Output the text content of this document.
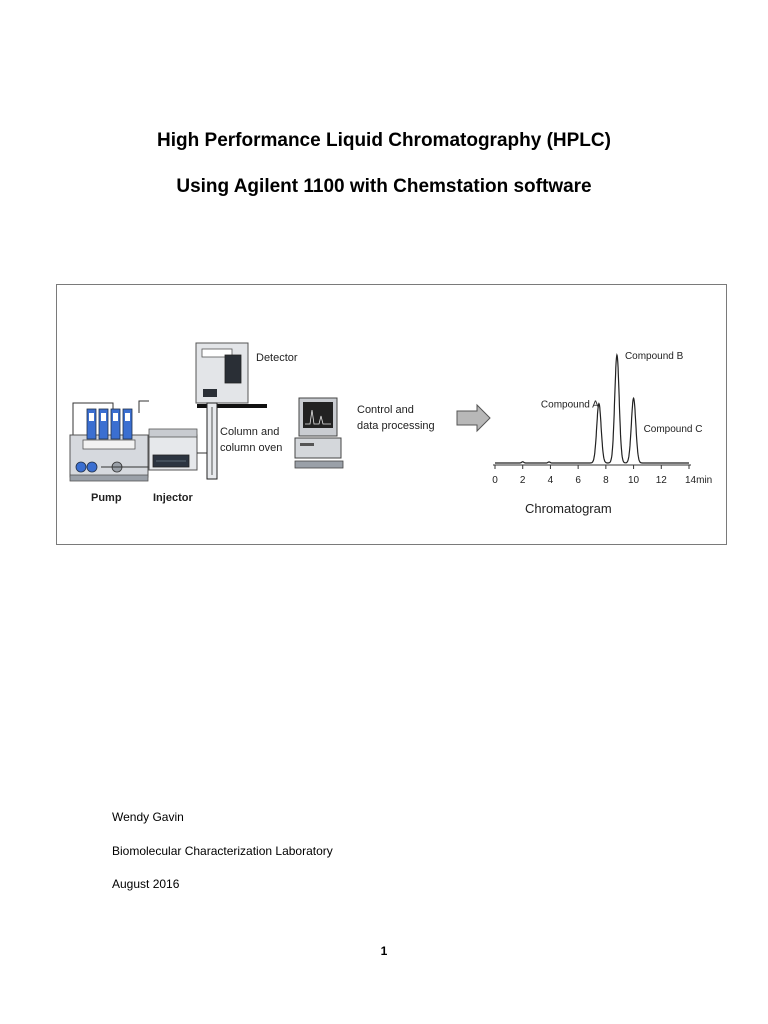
High Performance Liquid Chromatography (HPLC)
Using Agilent 1100 with Chemstation software
Pump	Injector
Detector
Column and
column oven
Control and
data processing
0 2 4 6 8 10 12 14min
Compound A
Compound B
Compound C
Chromatogram
Wendy Gavin
Biomolecular Characterization Laboratory
August 2016
1
